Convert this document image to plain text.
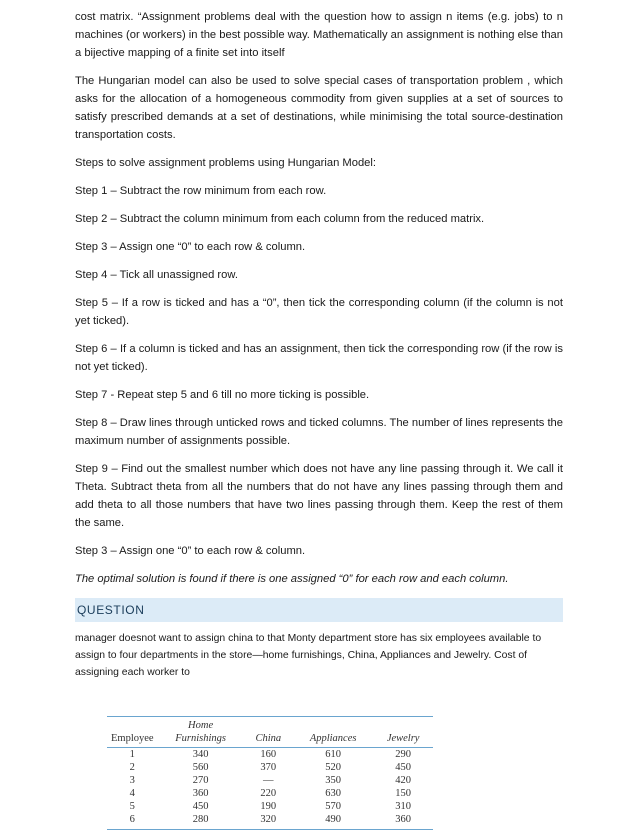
cost matrix. “Assignment problems deal with the question how to assign n items (e.g. jobs) to n machines (or workers) in the best possible way. Mathematically an assignment is nothing else than a bijective mapping of a finite set into itself

The Hungarian model can also be used to solve special cases of transportation problem , which asks for the allocation of a homogeneous commodity from given supplies at a set of sources to satisfy prescribed demands at a set of destinations, while minimising the total source-destination transportation costs.

Steps to solve assignment problems using Hungarian Model:

Step 1 – Subtract the row minimum from each row.

Step 2 – Subtract the column minimum from each column from the reduced matrix.

Step 3 – Assign one “0” to each row & column.

Step 4 – Tick all unassigned row.

Step 5 – If a row is ticked and has a “0”, then tick the corresponding column (if the column is not yet ticked).

Step 6 – If a column is ticked and has an assignment, then tick the corresponding row (if the row is not yet ticked).

Step 7 - Repeat step 5 and 6 till no more ticking is possible.

Step 8 – Draw lines through unticked rows and ticked columns. The number of lines represents the maximum number of assignments possible.

Step 9 – Find out the smallest number which does not have any line passing through it. We call it Theta. Subtract theta from all the numbers that do not have any lines passing through them and add theta to all those numbers that have two lines passing through them. Keep the rest of them the same.

Step 3 – Assign one “0” to each row & column.

The optimal solution is found if there is one assigned “0” for each row and each column.

QUESTION

manager doesnot want to assign china to that Monty department store has six employees available to assign to four departments in the store—home furnishings, China, Appliances and Jewelry. Cost of assigning each worker to

Employee	Home Furnishings	China	Appliances	Jewelry
1	340	160	610	290
2	560	370	520	450
3	270	—	350	420
4	360	220	630	150
5	450	190	570	310
6	280	320	490	360
